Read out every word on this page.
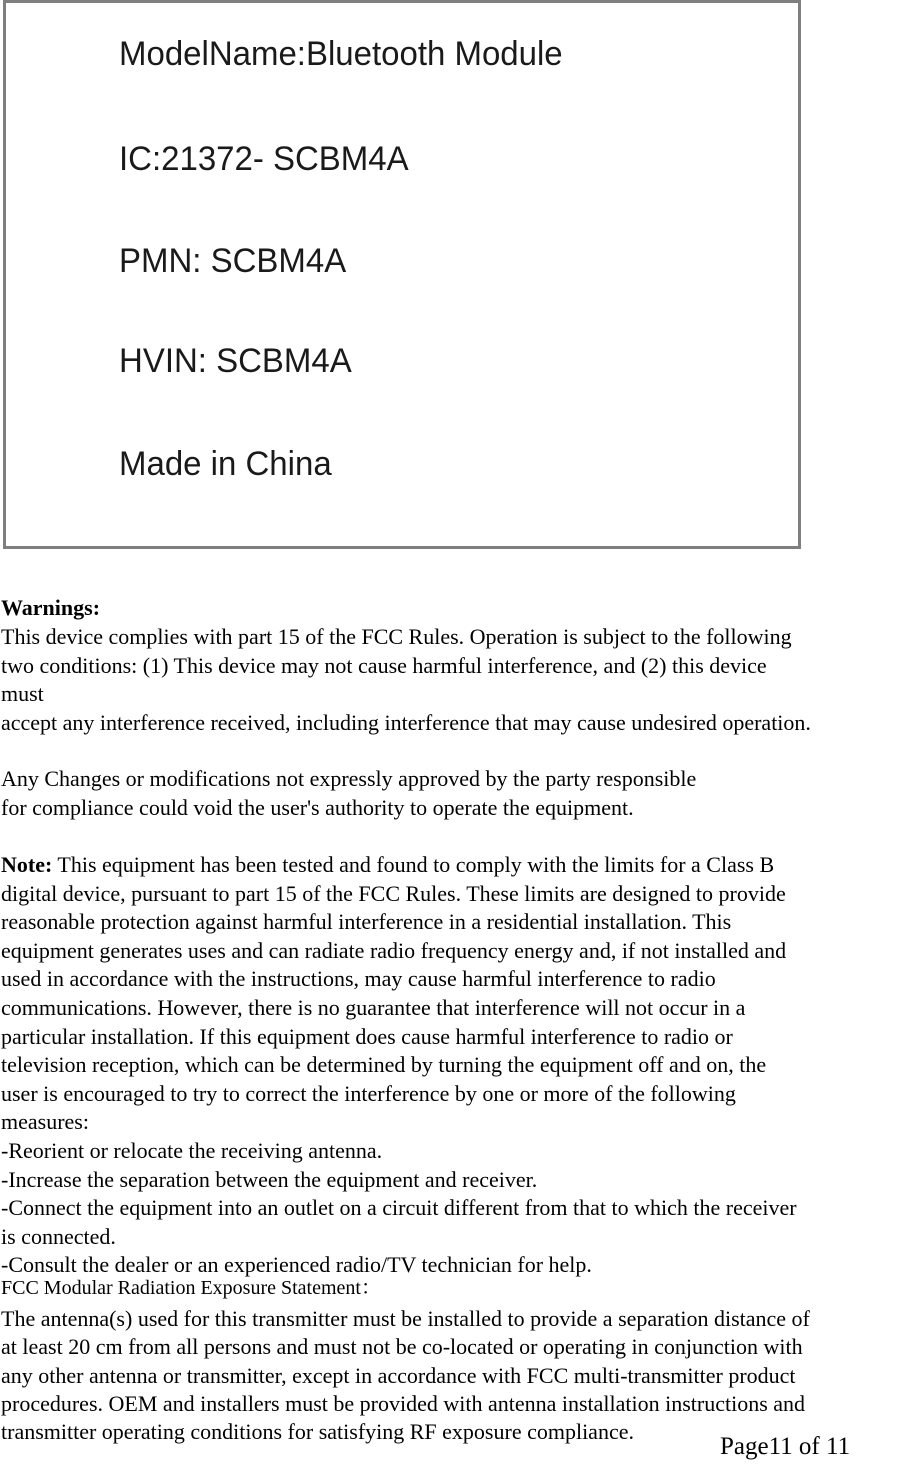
ModelName:Bluetooth Module
IC:21372- SCBM4A
PMN: SCBM4A
HVIN: SCBM4A
Made in China
Warnings:
This device complies with part 15 of the FCC Rules. Operation is subject to the following
two conditions: (1) This device may not cause harmful interference, and (2) this device
must
accept any interference received, including interference that may cause undesired operation.
Any Changes or modifications not expressly approved by the party responsible
for compliance could void the user's authority to operate the equipment.
Note: This equipment has been tested and found to comply with the limits for a Class B
digital device, pursuant to part 15 of the FCC Rules. These limits are designed to provide
reasonable protection against harmful interference in a residential installation. This
equipment generates uses and can radiate radio frequency energy and, if not installed and
used in accordance with the instructions, may cause harmful interference to radio
communications. However, there is no guarantee that interference will not occur in a
particular installation. If this equipment does cause harmful interference to radio or
television reception, which can be determined by turning the equipment off and on, the
user is encouraged to try to correct the interference by one or more of the following
measures:
-Reorient or relocate the receiving antenna.
-Increase the separation between the equipment and receiver.
-Connect the equipment into an outlet on a circuit different from that to which the receiver
is connected.
-Consult the dealer or an experienced radio/TV technician for help.
FCC Modular Radiation Exposure Statement：
The antenna(s) used for this transmitter must be installed to provide a separation distance of
at least 20 cm from all persons and must not be co-located or operating in conjunction with
any other antenna or transmitter, except in accordance with FCC multi-transmitter product
procedures. OEM and installers must be provided with antenna installation instructions and
transmitter operating conditions for satisfying RF exposure compliance.
Page11 of 11
